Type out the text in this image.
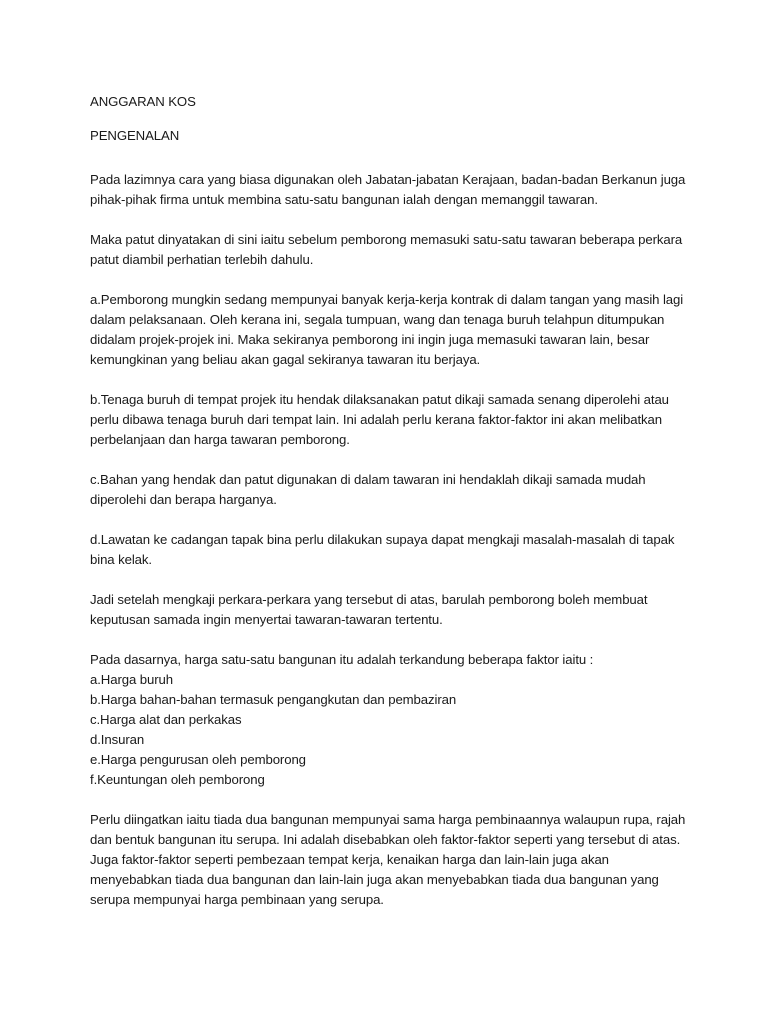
ANGGARAN KOS

PENGENALAN

Pada lazimnya cara yang biasa digunakan oleh Jabatan-jabatan Kerajaan, badan-badan Berkanun juga pihak-pihak firma untuk membina satu-satu bangunan ialah dengan memanggil tawaran.

Maka patut dinyatakan di sini iaitu sebelum pemborong memasuki satu-satu tawaran beberapa perkara patut diambil perhatian terlebih dahulu.

a.Pemborong mungkin sedang mempunyai banyak kerja-kerja kontrak di dalam tangan yang masih lagi dalam pelaksanaan. Oleh kerana ini, segala tumpuan, wang dan tenaga buruh telahpun ditumpukan didalam projek-projek ini. Maka sekiranya pemborong ini ingin juga memasuki tawaran lain, besar kemungkinan yang beliau akan gagal sekiranya tawaran itu berjaya.

b.Tenaga buruh di tempat projek itu hendak dilaksanakan patut dikaji samada senang diperolehi atau perlu dibawa tenaga buruh dari tempat lain. Ini adalah perlu kerana faktor-faktor ini akan melibatkan perbelanjaan dan harga tawaran pemborong.

c.Bahan yang hendak dan patut digunakan di dalam tawaran ini hendaklah dikaji samada mudah diperolehi dan berapa harganya.

d.Lawatan ke cadangan tapak bina perlu dilakukan supaya dapat mengkaji masalah-masalah di tapak bina kelak.

Jadi setelah mengkaji perkara-perkara yang tersebut di atas, barulah pemborong boleh membuat keputusan samada ingin menyertai tawaran-tawaran tertentu.

Pada dasarnya, harga satu-satu bangunan itu adalah terkandung beberapa faktor iaitu :
a.Harga buruh
b.Harga bahan-bahan termasuk pengangkutan dan pembaziran
c.Harga alat dan perkakas
d.Insuran
e.Harga pengurusan oleh pemborong
f.Keuntungan oleh pemborong

Perlu diingatkan iaitu tiada dua bangunan mempunyai sama harga pembinaannya walaupun rupa, rajah dan bentuk bangunan itu serupa. Ini adalah disebabkan oleh faktor-faktor seperti yang tersebut di atas. Juga faktor-faktor seperti pembezaan tempat kerja, kenaikan harga dan lain-lain juga akan menyebabkan tiada dua bangunan dan lain-lain juga akan menyebabkan tiada dua bangunan yang serupa mempunyai harga pembinaan yang serupa.
